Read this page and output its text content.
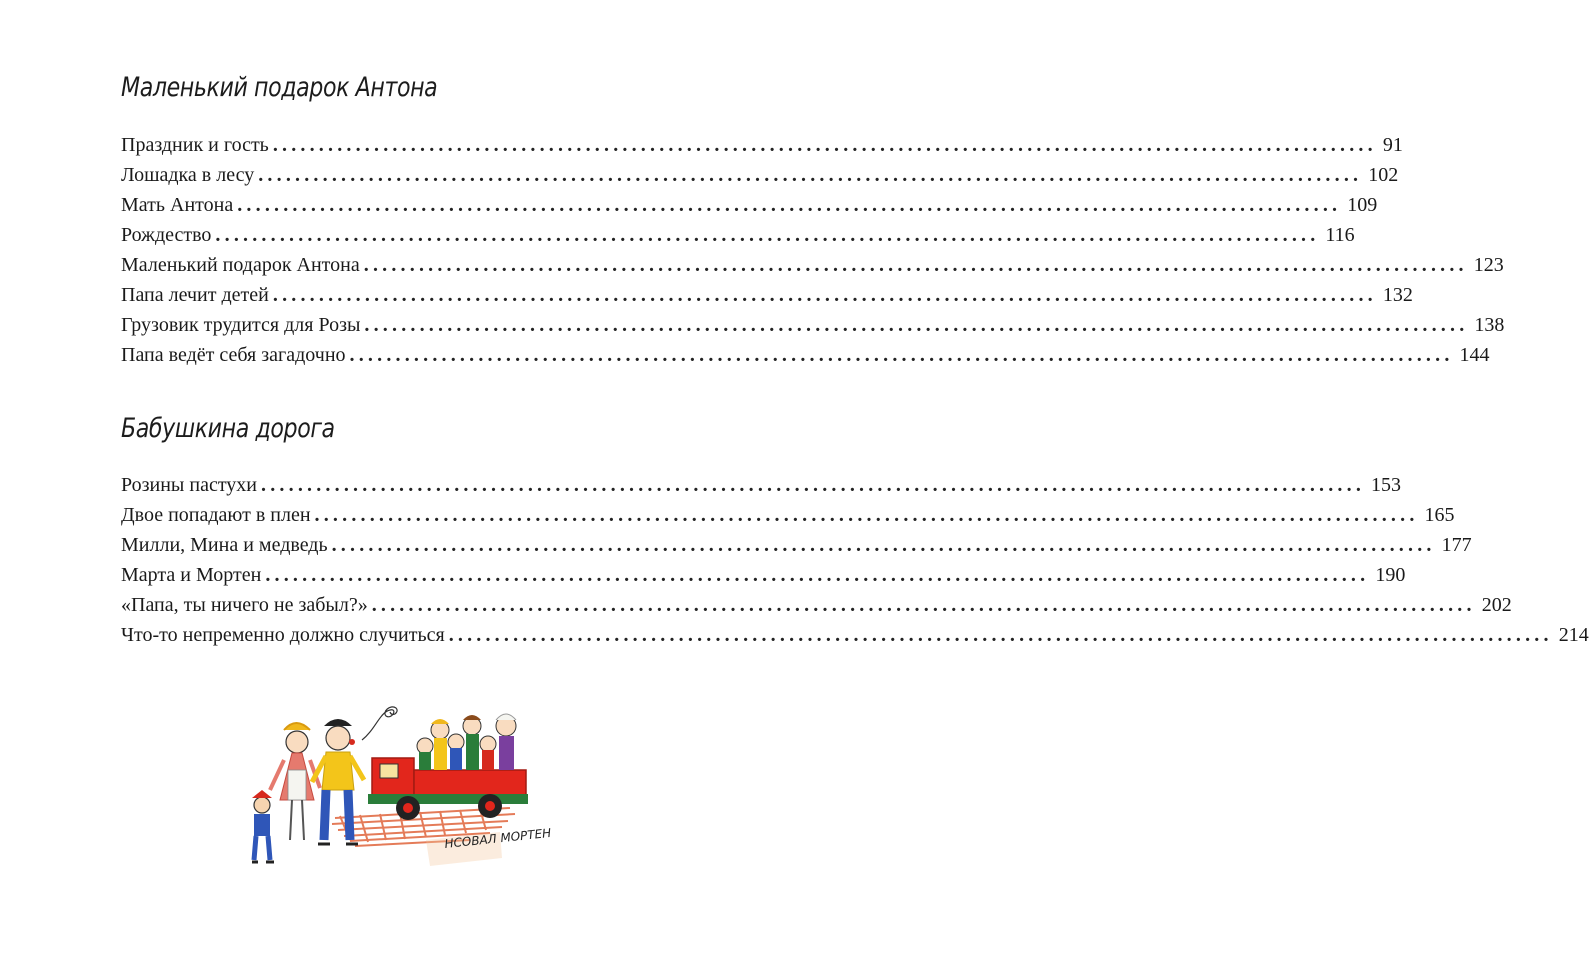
Маленький подарок Антона
Праздник и гость ........................................................................................................................ 91
Лошадка в лесу ........................................................................................................................ 102
Мать Антона ........................................................................................................................ 109
Рождество ........................................................................................................................ 116
Маленький подарок Антона ........................................................................................................................ 123
Папа лечит детей ........................................................................................................................ 132
Грузовик трудится для Розы ........................................................................................................................ 138
Папа ведёт себя загадочно ........................................................................................................................ 144
Бабушкина дорога
Розины пастухи ........................................................................................................................ 153
Двое попадают в плен ........................................................................................................................ 165
Милли, Мина и медведь ........................................................................................................................ 177
Марта и Мортен ........................................................................................................................ 190
«Папа, ты ничего не забыл?» ........................................................................................................................ 202
Что-то непременно должно случиться ........................................................................................................................ 214
НСОВАЛ МОРТЕН
